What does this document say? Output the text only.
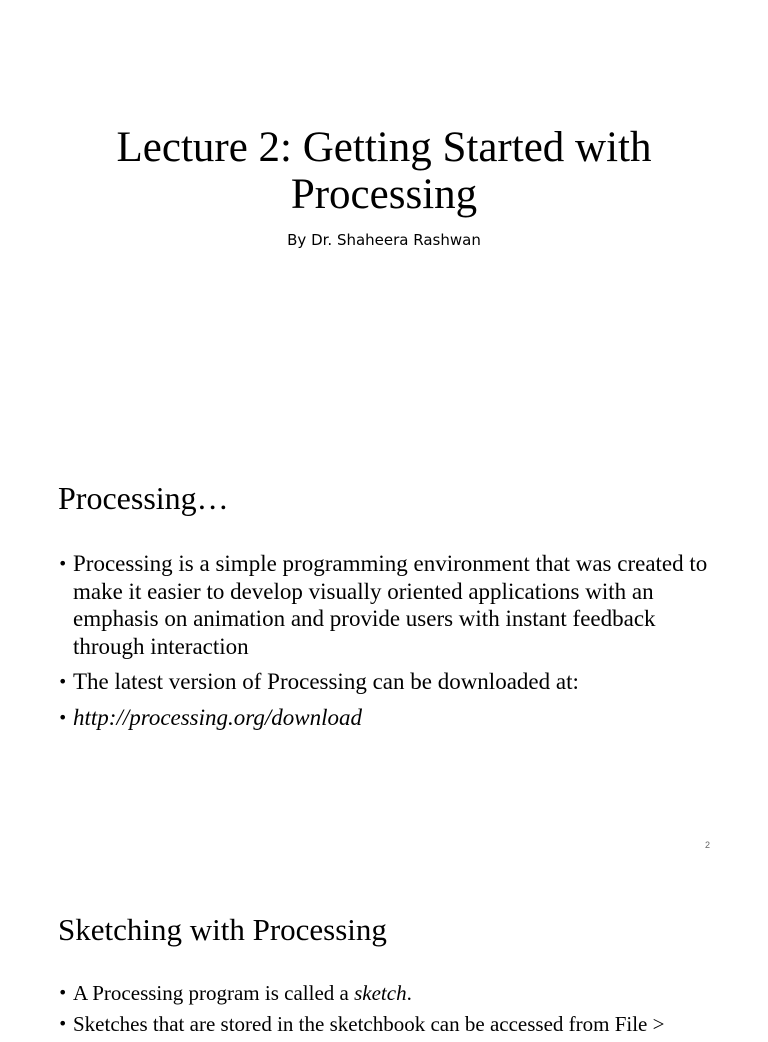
Lecture 2: Getting Started with
Processing

By Dr. Shaheera Rashwan

Processing…
• Processing is a simple programming environment that was created to make it easier to develop visually oriented applications with an emphasis on animation and provide users with instant feedback through interaction
• The latest version of Processing can be downloaded at:
• http://processing.org/download
2
Sketching with Processing
• A Processing program is called a sketch.
• Sketches that are stored in the sketchbook can be accessed from File >
